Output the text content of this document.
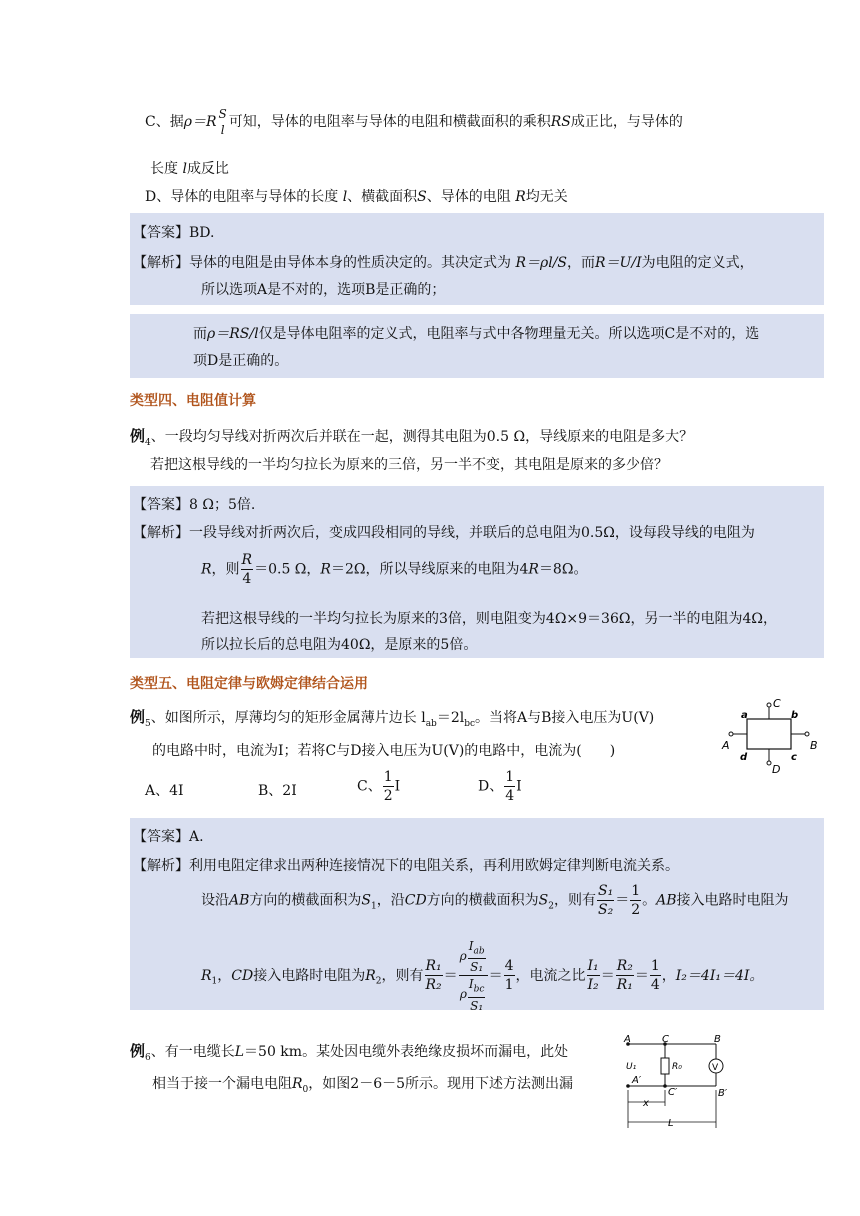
C、据ρ＝R S
l 可知，导体的电阻率与导体的电阻和横截面积的乘积RS成正比，与导体的
长度 l成反比
D、导体的电阻率与导体的长度 l、横截面积S、导体的电阻 R均无关
【答案】BD.
【解析】导体的电阻是由导体本身的性质决定的。其决定式为 R＝ρl/S，而R＝U/I为电阻的定义式，
所以选项A是不对的，选项B是正确的；
而ρ＝RS/l仅是导体电阻率的定义式，电阻率与式中各物理量无关。所以选项C是不对的，选
项D是正确的。
类型四、电阻值计算
例$_4$、一段均匀导线对折两次后并联在一起，测得其电阻为0.5 Ω，导线原来的电阻是多大？
若把这根导线的一半均匀拉长为原来的三倍，另一半不变，其电阻是原来的多少倍？
【答案】8 Ω；5倍.
【解析】一段导线对折两次后，变成四段相同的导线，并联后的总电阻为0.5Ω，设每段导线的电阻为
R，则 $\frac{R}{4} =0.5$ Ω，R＝2Ω，所以导线原来的电阻为4R＝8Ω。
若把这根导线的一半均匀拉长为原来的3倍，则电阻变为4Ω×9＝36Ω，另一半的电阻为4Ω，
所以拉长后的总电阻为40Ω，是原来的5倍。
类型五、电阻定律与欧姆定律结合运用
例$_5$、如图所示，厚薄均匀的矩形金属薄片边长 $l_{ab}=2l_{bc}$。当将A与B接入电压为U(V)
的电路中时，电流为I；若将C与D接入电压为U(V)的电路中，电流为(　　)
A、4I	B、2I	C、 $\frac{1}{2}$ I	D、 $\frac{1}{4}$ I
C
D
A	B
a	b
d	c
【答案】A.
【解析】利用电阻定律求出两种连接情况下的电阻关系，再利用欧姆定律判断电流关系。
设沿AB方向的横截面积为$S_1$，沿CD方向的横截面积为$S_2$，则有 $\frac{\text{S₁}}{\text{S₂}} = \frac{1}{2}$ 。AB接入电路时电阻为
$R_1$，CD接入电路时电阻为$R_2$，则有 $\frac{\text{R₁}}{\text{R₂}} = \frac{\rho \frac{I_{ab}}{\text{S₁}}}{\rho \frac{I_{bc}}{\text{S₁}}} = \frac{4}{1}$ ，电流之比 $\frac{\text{I₁}}{\text{I₂}} = \frac{\text{R₂}}{\text{R₁}} = \frac{1}{4}$ ，I₂＝4I₁＝4I。
例$_6$、有一电缆长L＝50 km。某处因电缆外表绝缘皮损坏而漏电，此处
相当于接一个漏电电阻$R_0$，如图2－6－5所示。现用下述方法测出漏
V
A	C	B
U₁	R₀
A′
C′	B′
x
L
